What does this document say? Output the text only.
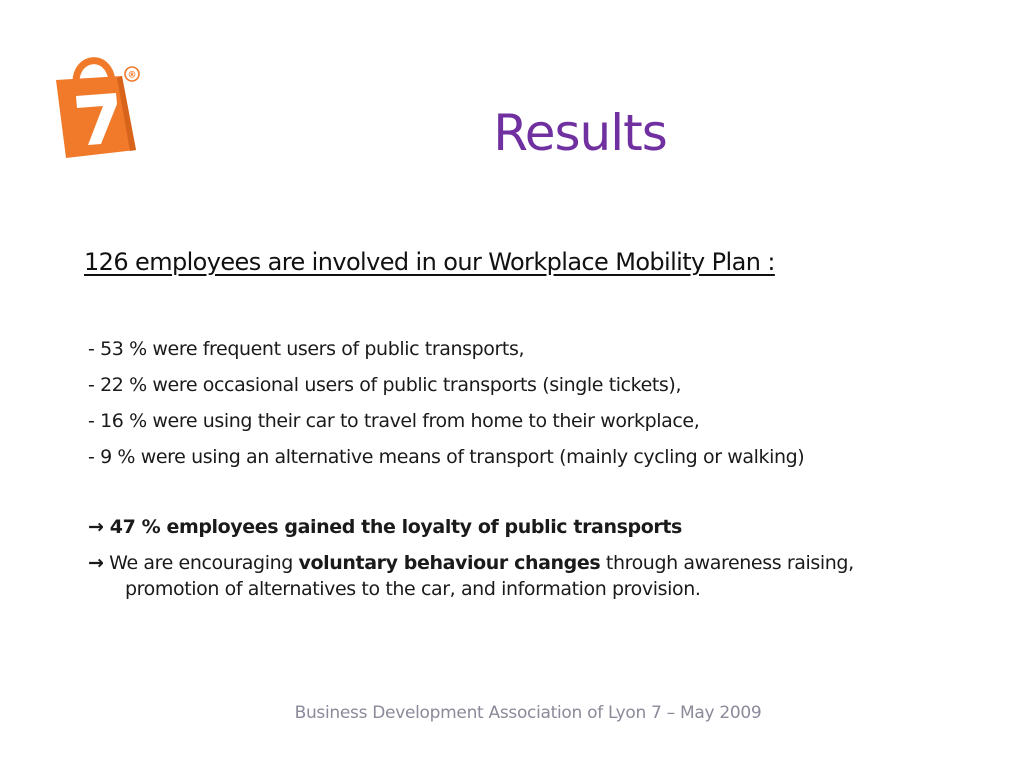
®
Results
126 employees are involved in our Workplace Mobility Plan :
- 53 % were frequent users of public transports,
- 22 % were occasional users of public transports (single tickets),
- 16 % were using their car to travel from home to their workplace,
- 9 % were using an alternative means of transport (mainly cycling or walking)
→ 47 % employees gained the loyalty of public transports
→ We are encouraging voluntary behaviour changes through awareness raising,
promotion of alternatives to the car, and information provision.
Business Development Association of Lyon 7 – May 2009
